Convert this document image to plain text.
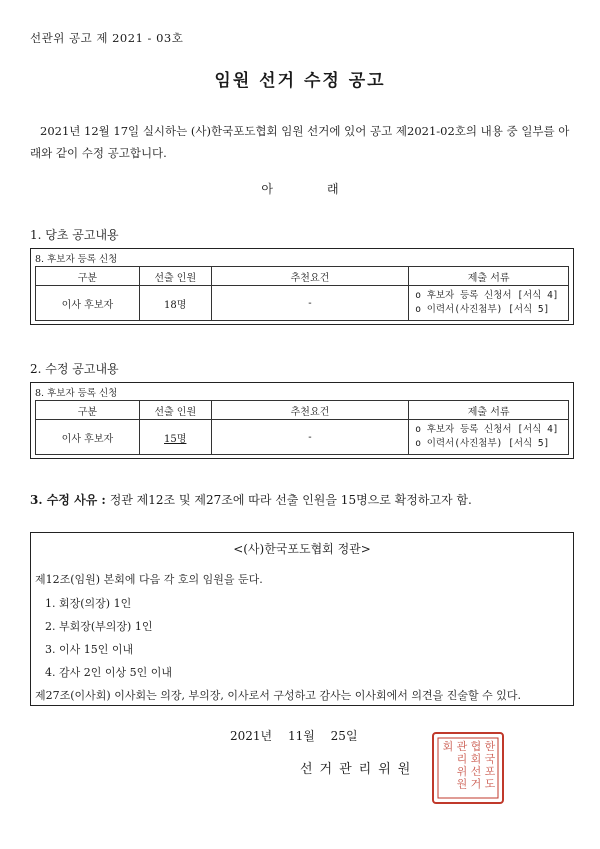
선관위 공고 제 2021 - 03호
임원 선거 수정 공고
2021년 12월 17일 실시하는 (사)한국포도협회 임원 선거에 있어 공고 제2021-02호의 내용 중 일부를 아래와 같이 수정 공고합니다.
아	래
1. 당초 공고내용
8. 후보자 등록 신청
구분	선출 인원	추천요건	제출 서류
이사 후보자	18명	-	o 후보자 등록 신청서 [서식 4]
o 이력서(사진첨부) [서식 5]
2. 수정 공고내용
8. 후보자 등록 신청
구분	선출 인원	추천요건	제출 서류
이사 후보자	15명	-	o 후보자 등록 신청서 [서식 4]
o 이력서(사진첨부) [서식 5]
3. 수정 사유 : 정관 제12조 및 제27조에 따라 선출 인원을 15명으로 확정하고자 함.
<(사)한국포도협회 정관>
제12조(임원) 본회에 다음 각 호의 임원을 둔다.
1. 회장(의장) 1인
2. 부회장(부의장) 1인
3. 이사 15인 이내
4. 감사 2인 이상 5인 이내
제27조(이사회) 이사회는 의장, 부의장, 이사로서 구성하고 감사는 이사회에서 의견을 진술할 수 있다.
2021년 11월 25일
선거관리위원
한
국
포
도
협
회
선
거
관
리
위
원
회
